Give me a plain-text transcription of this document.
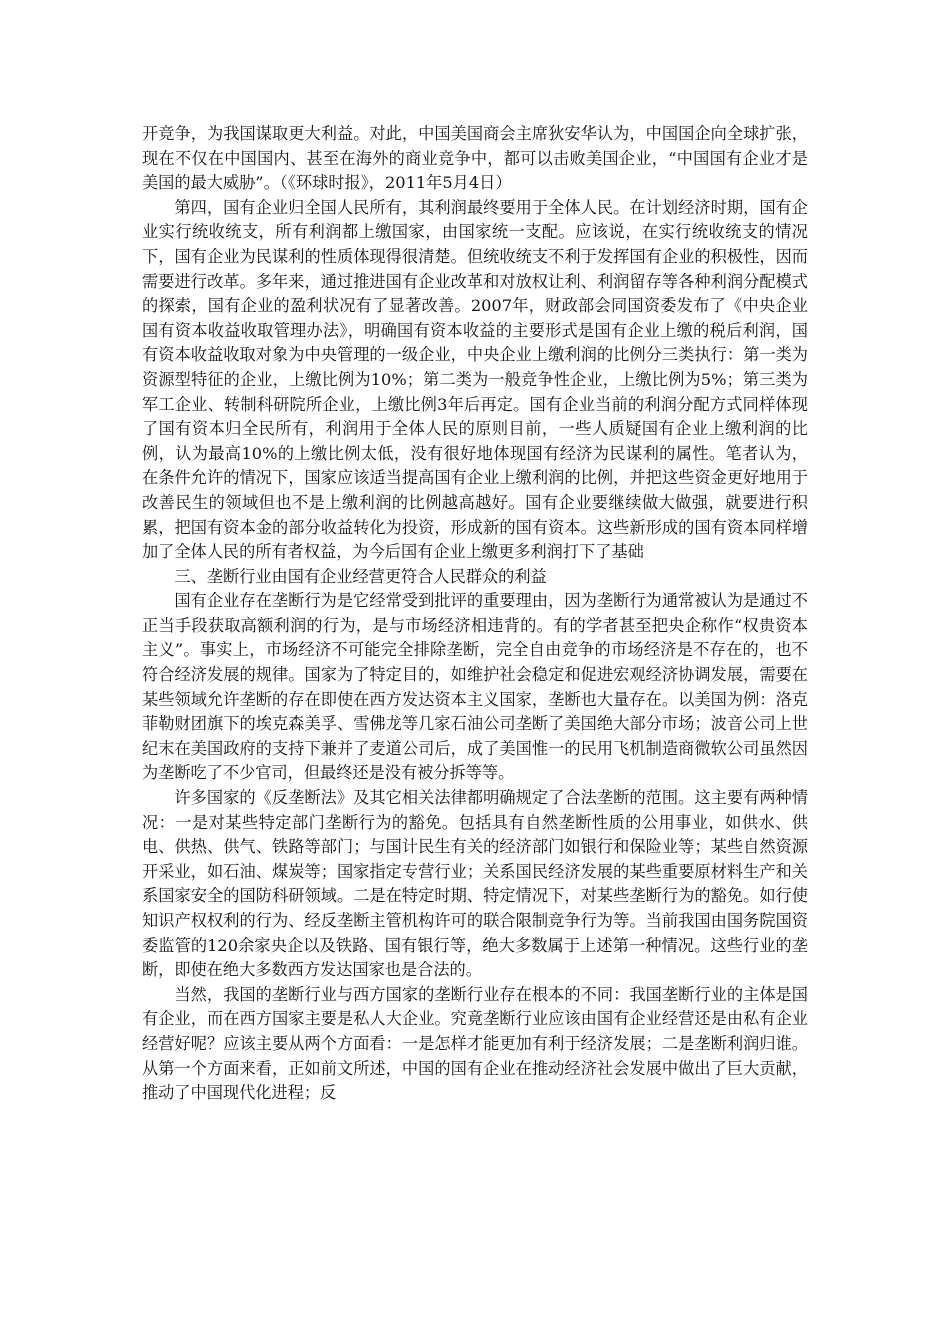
开竞争，为我国谋取更大利益。对此，中国美国商会主席狄安华认为，中国国企向全球扩张，现在不仅在中国国内、甚至在海外的商业竞争中，都可以击败美国企业，“中国国有企业才是美国的最大威胁”。（《环球时报》，2011年5月4日）

第四，国有企业归全国人民所有，其利润最终要用于全体人民。在计划经济时期，国有企业实行统收统支，所有利润都上缴国家，由国家统一支配。应该说，在实行统收统支的情况下，国有企业为民谋利的性质体现得很清楚。但统收统支不利于发挥国有企业的积极性，因而需要进行改革。多年来，通过推进国有企业改革和对放权让利、利润留存等各种利润分配模式的探索，国有企业的盈利状况有了显著改善。2007年，财政部会同国资委发布了《中央企业国有资本收益收取管理办法》，明确国有资本收益的主要形式是国有企业上缴的税后利润，国有资本收益收取对象为中央管理的一级企业，中央企业上缴利润的比例分三类执行：第一类为资源型特征的企业，上缴比例为10%；第二类为一般竞争性企业，上缴比例为5%；第三类为军工企业、转制科研院所企业，上缴比例3年后再定。国有企业当前的利润分配方式同样体现了国有资本归全民所有，利润用于全体人民的原则目前，一些人质疑国有企业上缴利润的比例，认为最高10%的上缴比例太低，没有很好地体现国有经济为民谋利的属性。笔者认为，在条件允许的情况下，国家应该适当提高国有企业上缴利润的比例，并把这些资金更好地用于改善民生的领域但也不是上缴利润的比例越高越好。国有企业要继续做大做强，就要进行积累，把国有资本金的部分收益转化为投资，形成新的国有资本。这些新形成的国有资本同样增加了全体人民的所有者权益，为今后国有企业上缴更多利润打下了基础

三、垄断行业由国有企业经营更符合人民群众的利益

国有企业存在垄断行为是它经常受到批评的重要理由，因为垄断行为通常被认为是通过不正当手段获取高额利润的行为，是与市场经济相违背的。有的学者甚至把央企称作“权贵资本主义”。事实上，市场经济不可能完全排除垄断，完全自由竞争的市场经济是不存在的，也不符合经济发展的规律。国家为了特定目的，如维护社会稳定和促进宏观经济协调发展，需要在某些领域允许垄断的存在即使在西方发达资本主义国家，垄断也大量存在。以美国为例：洛克菲勒财团旗下的埃克森美孚、雪佛龙等几家石油公司垄断了美国绝大部分市场；波音公司上世纪末在美国政府的支持下兼并了麦道公司后，成了美国惟一的民用飞机制造商微软公司虽然因为垄断吃了不少官司，但最终还是没有被分拆等等。

许多国家的《反垄断法》及其它相关法律都明确规定了合法垄断的范围。这主要有两种情况：一是对某些特定部门垄断行为的豁免。包括具有自然垄断性质的公用事业，如供水、供电、供热、供气、铁路等部门；与国计民生有关的经济部门如银行和保险业等；某些自然资源开采业，如石油、煤炭等；国家指定专营行业；关系国民经济发展的某些重要原材料生产和关系国家安全的国防科研领域。二是在特定时期、特定情况下，对某些垄断行为的豁免。如行使知识产权权利的行为、经反垄断主管机构许可的联合限制竞争行为等。当前我国由国务院国资委监管的120余家央企以及铁路、国有银行等，绝大多数属于上述第一种情况。这些行业的垄断，即使在绝大多数西方发达国家也是合法的。

当然，我国的垄断行业与西方国家的垄断行业存在根本的不同：我国垄断行业的主体是国有企业，而在西方国家主要是私人大企业。究竟垄断行业应该由国有企业经营还是由私有企业经营好呢？应该主要从两个方面看：一是怎样才能更加有利于经济发展；二是垄断利润归谁。从第一个方面来看，正如前文所述，中国的国有企业在推动经济社会发展中做出了巨大贡献，推动了中国现代化进程；反
